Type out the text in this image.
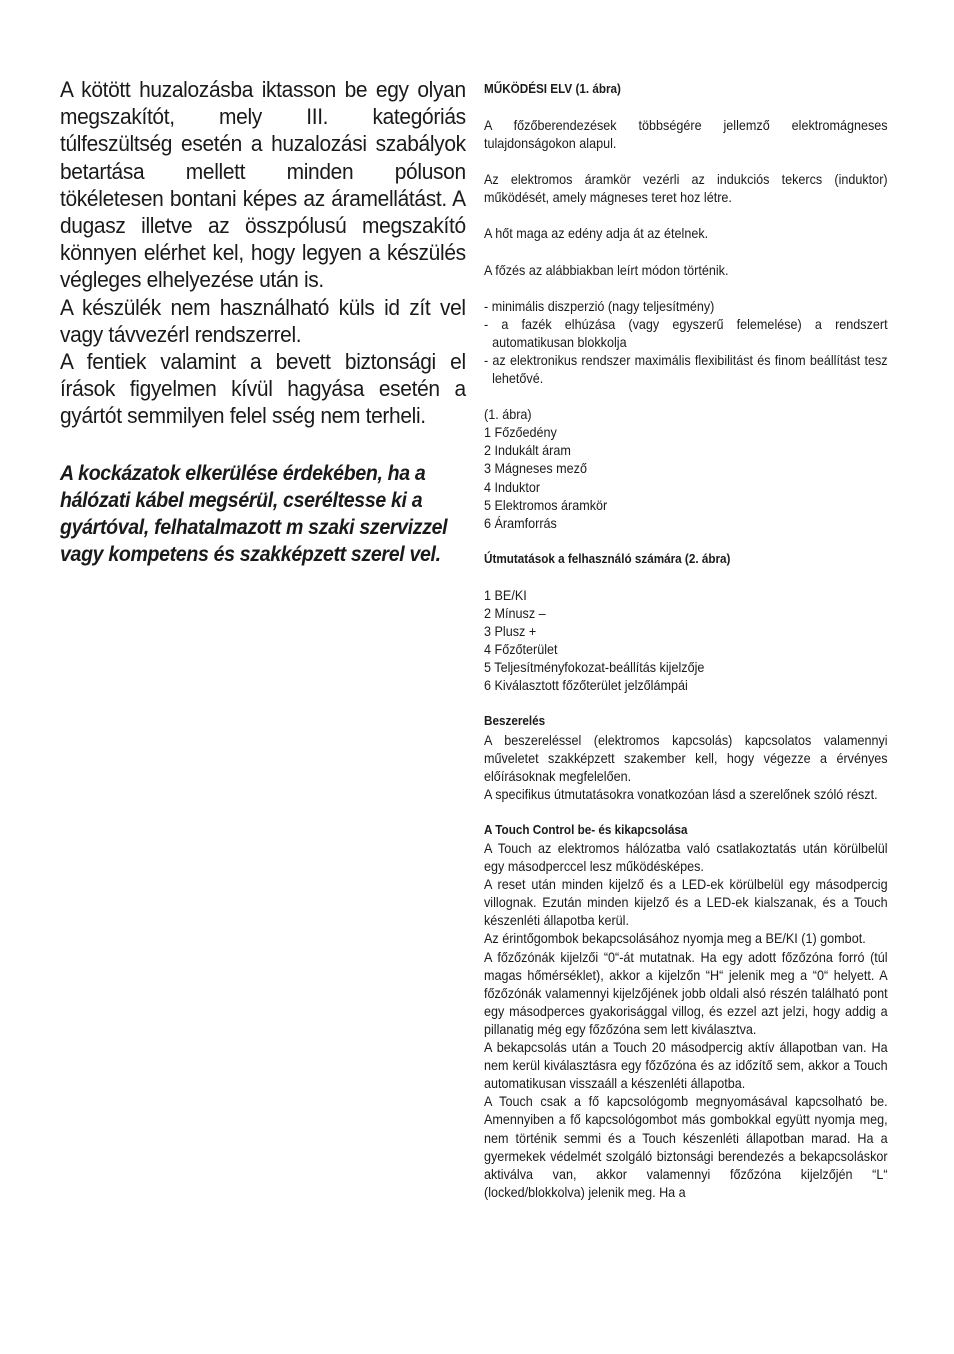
A kötött huzalozásba iktasson be egy olyan megszakítót, mely III. kategóriás túlfeszültség esetén a huzalozási szabályok betartása mellett minden póluson tökéletesen bontani képes az áramellátást. A dugasz illetve az összpólusú megszakító könnyen elérhet kel, hogy legyen a készülés végleges elhelyezése után is.

A készülék nem használható küls id zít vel vagy távvezérl rendszerrel.

A fentiek valamint a bevett biztonsági el írások figyelmen kívül hagyása esetén a gyártót semmilyen felel sség nem terheli.

A kockázatok elkerülése érdekében, ha a hálózati kábel megsérül, cseréltesse ki a gyártóval, felhatalmazott m szaki szervizzel vagy kompetens és szakképzett szerel vel.

MŰKÖDÉSI ELV (1. ábra)

A főzőberendezések többségére jellemző elektromágneses tulajdonságokon alapul.

Az elektromos áramkör vezérli az indukciós tekercs (induktor) működését, amely mágneses teret hoz létre.

A hőt maga az edény adja át az ételnek.

A főzés az alábbiakban leírt módon történik.

- minimális diszperzió (nagy teljesítmény)

- a fazék elhúzása (vagy egyszerű felemelése) a rendszert automatikusan blokkolja

- az elektronikus rendszer maximális flexibilitást és finom beállítást tesz lehetővé.

(1. ábra)

1 Főzőedény

2 Indukált áram

3 Mágneses mező

4 Induktor

5 Elektromos áramkör

6 Áramforrás

Útmutatások a felhasználó számára (2. ábra)

1 BE/KI

2 Mínusz –

3 Plusz +

4 Főzőterület

5 Teljesítményfokozat-beállítás kijelzője

6 Kiválasztott főzőterület jelzőlámpái

Beszerelés

A beszereléssel (elektromos kapcsolás) kapcsolatos valamennyi műveletet szakképzett szakember kell, hogy végezze a érvényes előírásoknak megfelelően.

A specifikus útmutatásokra vonatkozóan lásd a szerelőnek szóló részt.

A Touch Control be- és kikapcsolása

A Touch az elektromos hálózatba való csatlakoztatás után körülbelül egy másodperccel lesz működésképes.

A reset után minden kijelző és a LED-ek körülbelül egy másodpercig villognak. Ezután minden kijelző és a LED-ek kialszanak, és a Touch készenléti állapotba kerül.

Az érintőgombok bekapcsolásához nyomja meg a BE/KI (1) gombot.

A főzőzónák kijelzői “0“-át mutatnak. Ha egy adott főzőzóna forró (túl magas hőmérséklet), akkor a kijelzőn “H“ jelenik meg a “0“ helyett. A főzőzónák valamennyi kijelzőjének jobb oldali alsó részén található pont egy másodperces gyakorisággal villog, és ezzel azt jelzi, hogy addig a pillanatig még egy főzőzóna sem lett kiválasztva.

A bekapcsolás után a Touch 20 másodpercig aktív állapotban van. Ha nem kerül kiválasztásra egy főzőzóna és az időzítő sem, akkor a Touch automatikusan visszaáll a készenléti állapotba.

A Touch csak a fő kapcsológomb megnyomásával kapcsolható be. Amennyiben a fő kapcsológombot más gombokkal együtt nyomja meg, nem történik semmi és a Touch készenléti állapotban marad. Ha a gyermekek védelmét szolgáló biztonsági berendezés a bekapcsoláskor aktiválva van, akkor valamennyi főzőzóna kijelzőjén “L“ (locked/blokkolva) jelenik meg. Ha a
